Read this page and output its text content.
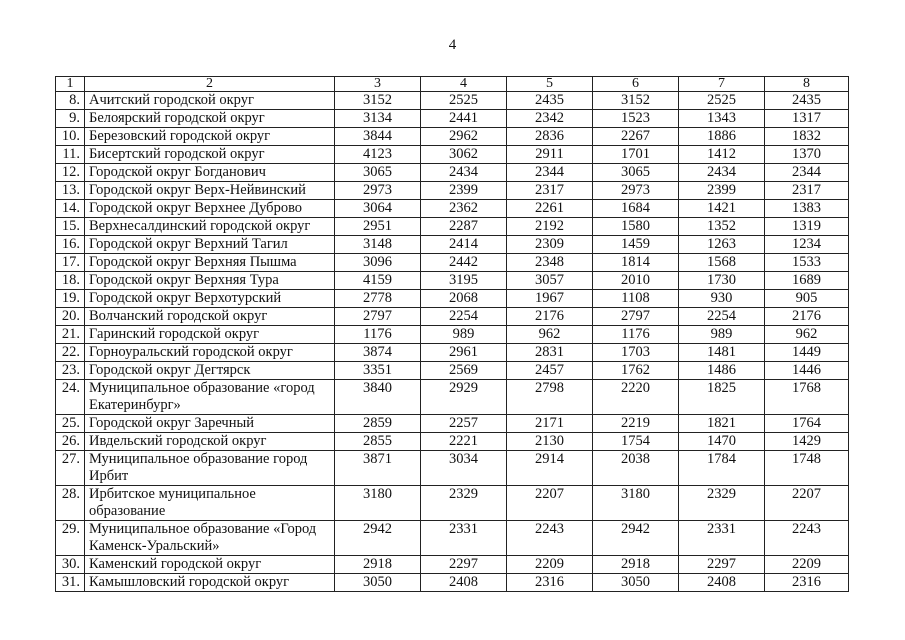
4
1	2	3	4	5	6	7	8
8.	Ачитский городской округ	3152	2525	2435	3152	2525	2435
9.	Белоярский городской округ	3134	2441	2342	1523	1343	1317
10.	Березовский городской округ	3844	2962	2836	2267	1886	1832
11.	Бисертский городской округ	4123	3062	2911	1701	1412	1370
12.	Городской округ Богданович	3065	2434	2344	3065	2434	2344
13.	Городской округ Верх-Нейвинский	2973	2399	2317	2973	2399	2317
14.	Городской округ Верхнее Дуброво	3064	2362	2261	1684	1421	1383
15.	Верхнесалдинский городской округ	2951	2287	2192	1580	1352	1319
16.	Городской округ Верхний Тагил	3148	2414	2309	1459	1263	1234
17.	Городской округ Верхняя Пышма	3096	2442	2348	1814	1568	1533
18.	Городской округ Верхняя Тура	4159	3195	3057	2010	1730	1689
19.	Городской округ Верхотурский	2778	2068	1967	1108	930	905
20.	Волчанский городской округ	2797	2254	2176	2797	2254	2176
21.	Гаринский городской округ	1176	989	962	1176	989	962
22.	Горноуральский городской округ	3874	2961	2831	1703	1481	1449
23.	Городской округ Дегтярск	3351	2569	2457	1762	1486	1446
24.	Муниципальное образование «город Екатеринбург»	3840	2929	2798	2220	1825	1768
25.	Городской округ Заречный	2859	2257	2171	2219	1821	1764
26.	Ивдельский городской округ	2855	2221	2130	1754	1470	1429
27.	Муниципальное образование город Ирбит	3871	3034	2914	2038	1784	1748
28.	Ирбитское муниципальное образование	3180	2329	2207	3180	2329	2207
29.	Муниципальное образование «Город Каменск-Уральский»	2942	2331	2243	2942	2331	2243
30.	Каменский городской округ	2918	2297	2209	2918	2297	2209
31.	Камышловский городской округ	3050	2408	2316	3050	2408	2316
